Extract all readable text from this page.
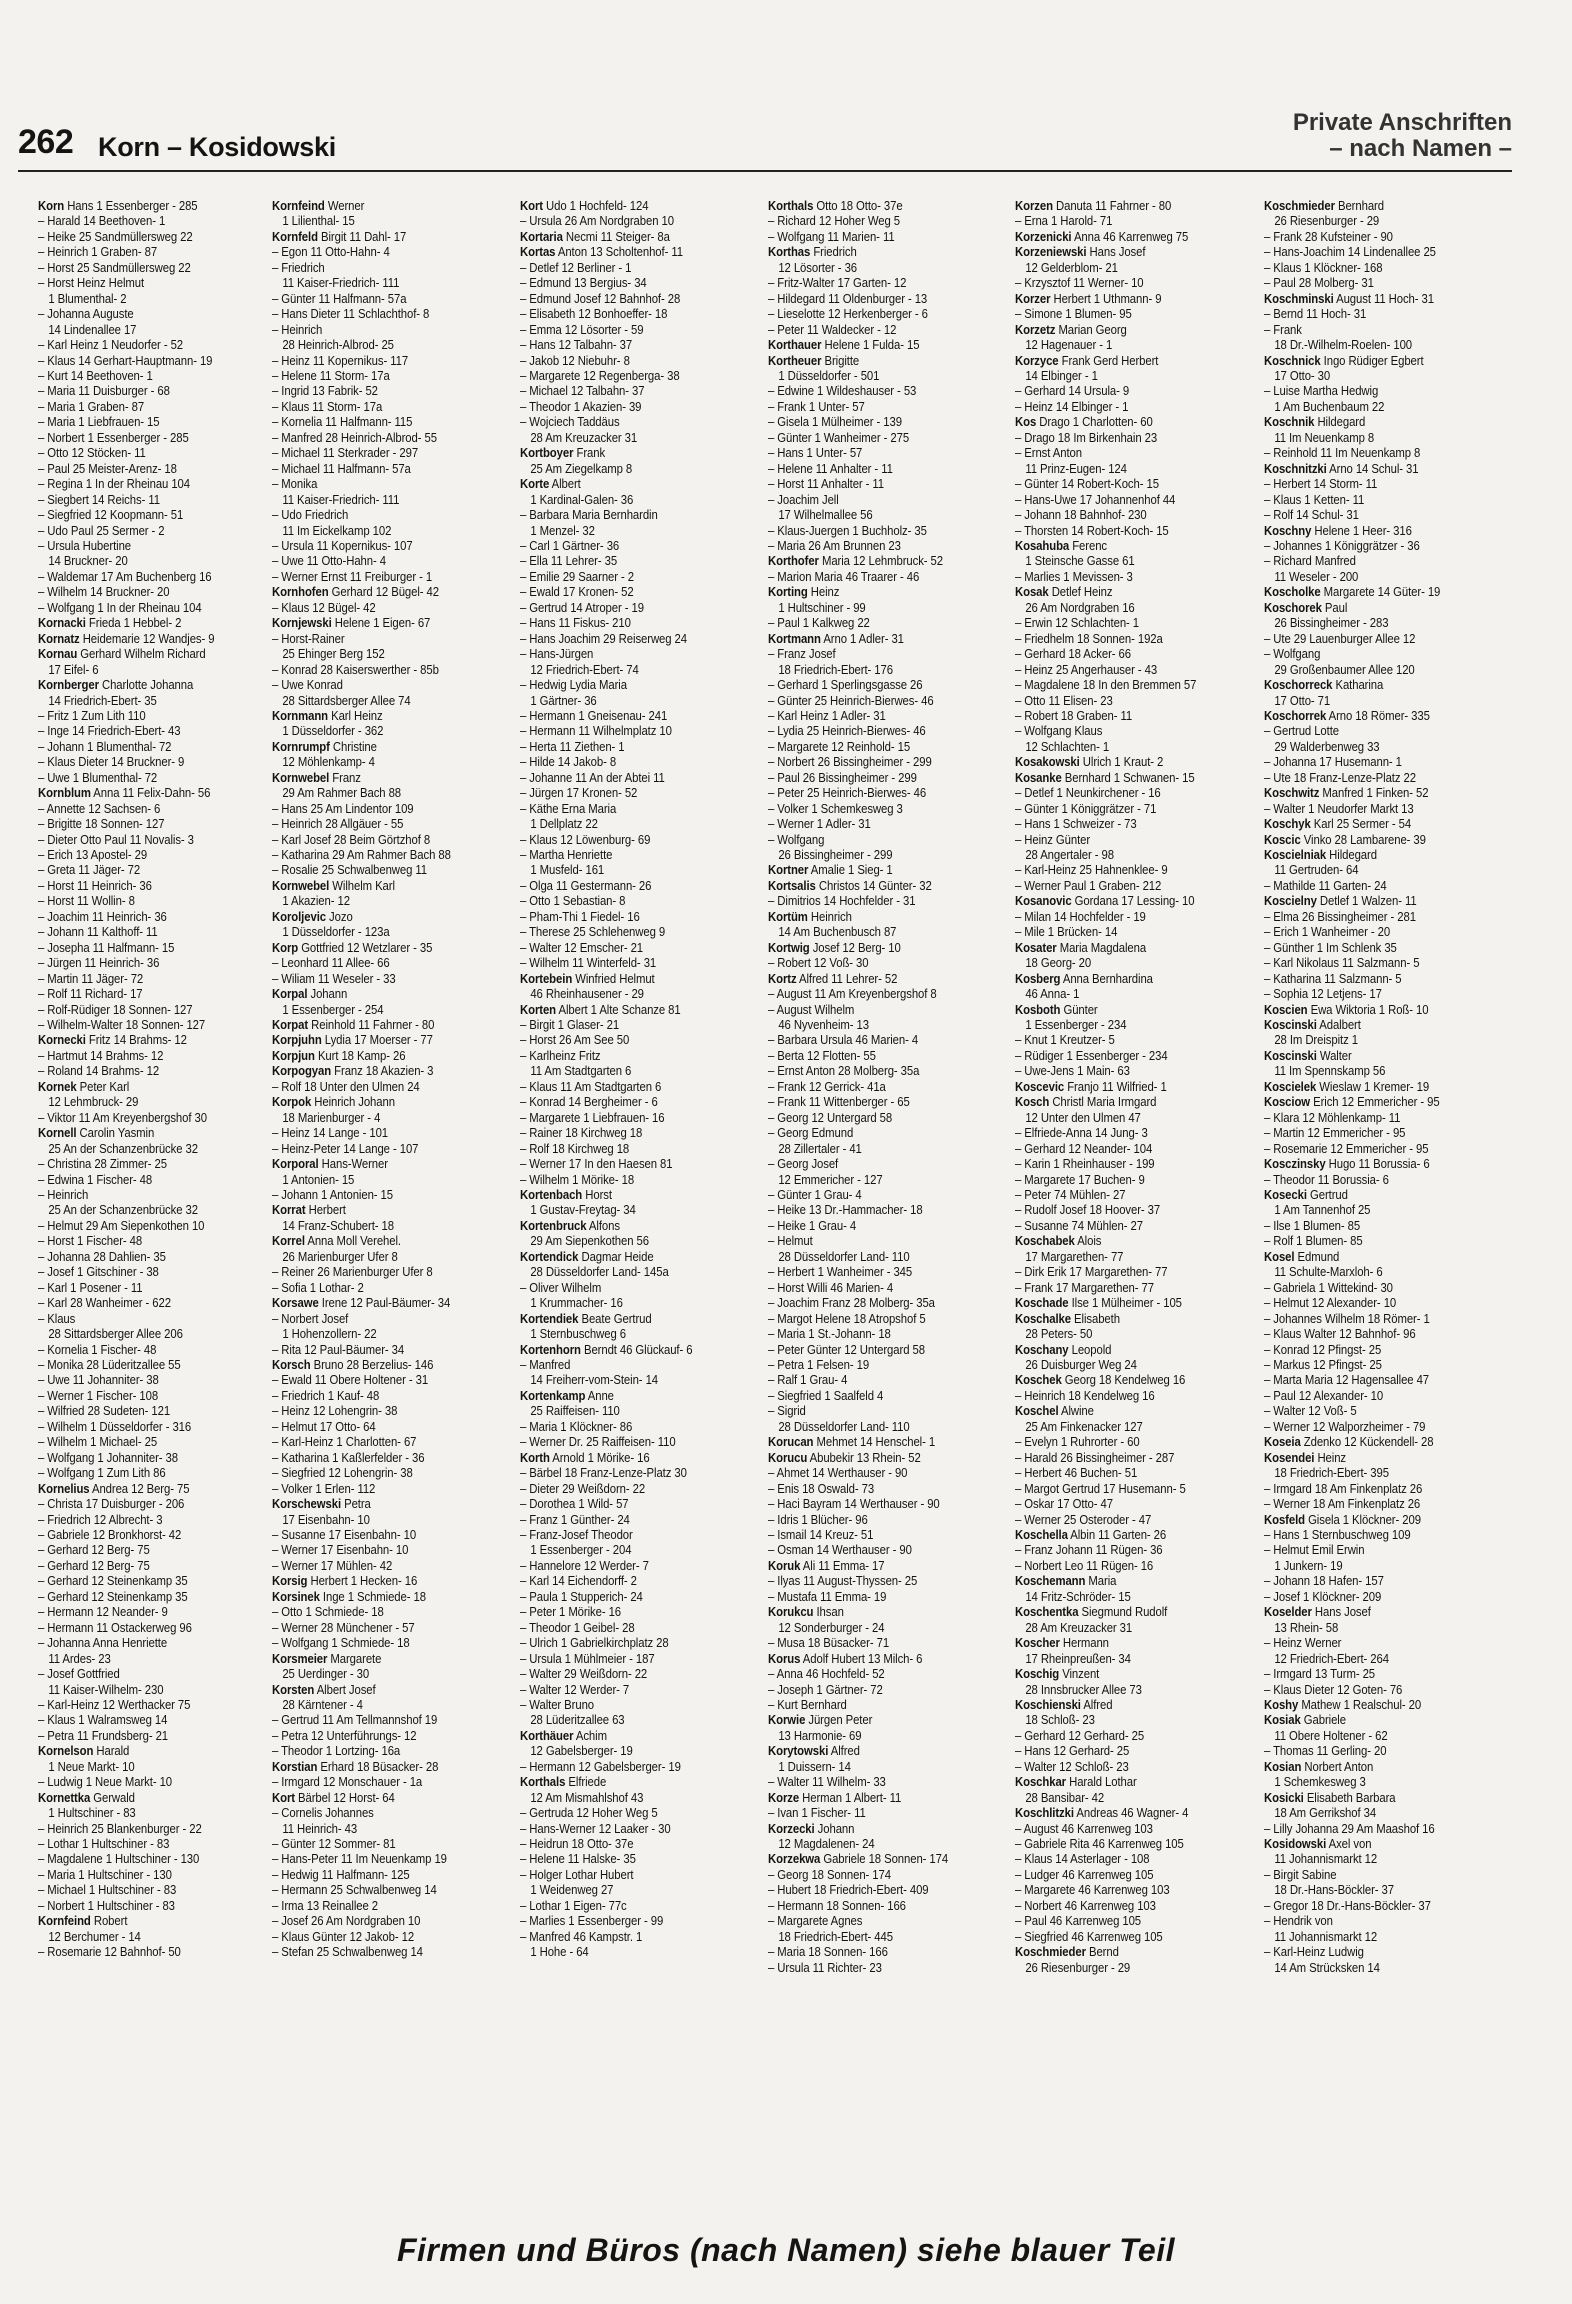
262 Korn – Kosidowski
Private Anschriften
– nach Namen –
Korn Hans 1 Essenberger - 285
– Harald 14 Beethoven- 1
– Heike 25 Sandmüllersweg 22
– Heinrich 1 Graben- 87
– Horst 25 Sandmüllersweg 22
– Horst Heinz Helmut
1 Blumenthal- 2
– Johanna Auguste
14 Lindenallee 17
– Karl Heinz 1 Neudorfer - 52
– Klaus 14 Gerhart-Hauptmann- 19
– Kurt 14 Beethoven- 1
– Maria 11 Duisburger - 68
– Maria 1 Graben- 87
– Maria 1 Liebfrauen- 15
– Norbert 1 Essenberger - 285
– Otto 12 Stöcken- 11
– Paul 25 Meister-Arenz- 18
– Regina 1 In der Rheinau 104
– Siegbert 14 Reichs- 11
– Siegfried 12 Koopmann- 51
– Udo Paul 25 Sermer - 2
– Ursula Hubertine
14 Bruckner- 20
– Waldemar 17 Am Buchenberg 16
– Wilhelm 14 Bruckner- 20
– Wolfgang 1 In der Rheinau 104
Kornacki Frieda 1 Hebbel- 2
Kornatz Heidemarie 12 Wandjes- 9
Kornau Gerhard Wilhelm Richard
17 Eifel- 6
Kornberger Charlotte Johanna
14 Friedrich-Ebert- 35
– Fritz 1 Zum Lith 110
– Inge 14 Friedrich-Ebert- 43
– Johann 1 Blumenthal- 72
– Klaus Dieter 14 Bruckner- 9
– Uwe 1 Blumenthal- 72
Kornblum Anna 11 Felix-Dahn- 56
– Annette 12 Sachsen- 6
– Brigitte 18 Sonnen- 127
– Dieter Otto Paul 11 Novalis- 3
– Erich 13 Apostel- 29
– Greta 11 Jäger- 72
– Horst 11 Heinrich- 36
– Horst 11 Wollin- 8
– Joachim 11 Heinrich- 36
– Johann 11 Kalthoff- 11
– Josepha 11 Halfmann- 15
– Jürgen 11 Heinrich- 36
– Martin 11 Jäger- 72
– Rolf 11 Richard- 17
– Rolf-Rüdiger 18 Sonnen- 127
– Wilhelm-Walter 18 Sonnen- 127
Kornecki Fritz 14 Brahms- 12
– Hartmut 14 Brahms- 12
– Roland 14 Brahms- 12
Kornek Peter Karl
12 Lehmbruck- 29
– Viktor 11 Am Kreyenbergshof 30
Kornell Carolin Yasmin
25 An der Schanzenbrücke 32
– Christina 28 Zimmer- 25
– Edwina 1 Fischer- 48
– Heinrich
25 An der Schanzenbrücke 32
– Helmut 29 Am Siepenkothen 10
– Horst 1 Fischer- 48
– Johanna 28 Dahlien- 35
– Josef 1 Gitschiner - 38
– Karl 1 Posener - 11
– Karl 28 Wanheimer - 622
– Klaus
28 Sittardsberger Allee 206
– Kornelia 1 Fischer- 48
– Monika 28 Lüderitzallee 55
– Uwe 11 Johanniter- 38
– Werner 1 Fischer- 108
– Wilfried 28 Sudeten- 121
– Wilhelm 1 Düsseldorfer - 316
– Wilhelm 1 Michael- 25
– Wolfgang 1 Johanniter- 38
– Wolfgang 1 Zum Lith 86
Kornelius Andrea 12 Berg- 75
– Christa 17 Duisburger - 206
– Friedrich 12 Albrecht- 3
– Gabriele 12 Bronkhorst- 42
– Gerhard 12 Berg- 75
– Gerhard 12 Berg- 75
– Gerhard 12 Steinenkamp 35
– Gerhard 12 Steinenkamp 35
– Hermann 12 Neander- 9
– Hermann 11 Ostackerweg 96
– Johanna Anna Henriette
11 Ardes- 23
– Josef Gottfried
11 Kaiser-Wilhelm- 230
– Karl-Heinz 12 Werthacker 75
– Klaus 1 Walramsweg 14
– Petra 11 Frundsberg- 21
Kornelson Harald
1 Neue Markt- 10
– Ludwig 1 Neue Markt- 10
Kornettka Gerwald
1 Hultschiner - 83
– Heinrich 25 Blankenburger - 22
– Lothar 1 Hultschiner - 83
– Magdalene 1 Hultschiner - 130
– Maria 1 Hultschiner - 130
– Michael 1 Hultschiner - 83
– Norbert 1 Hultschiner - 83
Kornfeind Robert
12 Berchumer - 14
– Rosemarie 12 Bahnhof- 50
Kornfeind Werner
1 Lilienthal- 15
Kornfeld Birgit 11 Dahl- 17
– Egon 11 Otto-Hahn- 4
– Friedrich
11 Kaiser-Friedrich- 111
– Günter 11 Halfmann- 57a
– Hans Dieter 11 Schlachthof- 8
– Heinrich
28 Heinrich-Albrod- 25
– Heinz 11 Kopernikus- 117
– Helene 11 Storm- 17a
– Ingrid 13 Fabrik- 52
– Klaus 11 Storm- 17a
– Kornelia 11 Halfmann- 115
– Manfred 28 Heinrich-Albrod- 55
– Michael 11 Sterkrader - 297
– Michael 11 Halfmann- 57a
– Monika
11 Kaiser-Friedrich- 111
– Udo Friedrich
11 Im Eickelkamp 102
– Ursula 11 Kopernikus- 107
– Uwe 11 Otto-Hahn- 4
– Werner Ernst 11 Freiburger - 1
Kornhofen Gerhard 12 Bügel- 42
– Klaus 12 Bügel- 42
Kornjewski Helene 1 Eigen- 67
– Horst-Rainer
25 Ehinger Berg 152
– Konrad 28 Kaiserswerther - 85b
– Uwe Konrad
28 Sittardsberger Allee 74
Kornmann Karl Heinz
1 Düsseldorfer - 362
Kornrumpf Christine
12 Möhlenkamp- 4
Kornwebel Franz
29 Am Rahmer Bach 88
– Hans 25 Am Lindentor 109
– Heinrich 28 Allgäuer - 55
– Karl Josef 28 Beim Görtzhof 8
– Katharina 29 Am Rahmer Bach 88
– Rosalie 25 Schwalbenweg 11
Kornwebel Wilhelm Karl
1 Akazien- 12
Koroljevic Jozo
1 Düsseldorfer - 123a
Korp Gottfried 12 Wetzlarer - 35
– Leonhard 11 Allee- 66
– Wiliam 11 Weseler - 33
Korpal Johann
1 Essenberger - 254
Korpat Reinhold 11 Fahrner - 80
Korpjuhn Lydia 17 Moerser - 77
Korpjun Kurt 18 Kamp- 26
Korpogyan Franz 18 Akazien- 3
– Rolf 18 Unter den Ulmen 24
Korpok Heinrich Johann
18 Marienburger - 4
– Heinz 14 Lange - 101
– Heinz-Peter 14 Lange - 107
Korporal Hans-Werner
1 Antonien- 15
– Johann 1 Antonien- 15
Korrat Herbert
14 Franz-Schubert- 18
Korrel Anna Moll Verehel.
26 Marienburger Ufer 8
– Reiner 26 Marienburger Ufer 8
– Sofia 1 Lothar- 2
Korsawe Irene 12 Paul-Bäumer- 34
– Norbert Josef
1 Hohenzollern- 22
– Rita 12 Paul-Bäumer- 34
Korsch Bruno 28 Berzelius- 146
– Ewald 11 Obere Holtener - 31
– Friedrich 1 Kauf- 48
– Heinz 12 Lohengrin- 38
– Helmut 17 Otto- 64
– Karl-Heinz 1 Charlotten- 67
– Katharina 1 Kaßlerfelder - 36
– Siegfried 12 Lohengrin- 38
– Volker 1 Erlen- 112
Korschewski Petra
17 Eisenbahn- 10
– Susanne 17 Eisenbahn- 10
– Werner 17 Eisenbahn- 10
– Werner 17 Mühlen- 42
Korsig Herbert 1 Hecken- 16
Korsinek Inge 1 Schmiede- 18
– Otto 1 Schmiede- 18
– Werner 28 Münchener - 57
– Wolfgang 1 Schmiede- 18
Korsmeier Margarete
25 Uerdinger - 30
Korsten Albert Josef
28 Kärntener - 4
– Gertrud 11 Am Tellmannshof 19
– Petra 12 Unterführungs- 12
– Theodor 1 Lortzing- 16a
Korstian Erhard 18 Büsacker- 28
– Irmgard 12 Monschauer - 1a
Kort Bärbel 12 Horst- 64
– Cornelis Johannes
11 Heinrich- 43
– Günter 12 Sommer- 81
– Hans-Peter 11 Im Neuenkamp 19
– Hedwig 11 Halfmann- 125
– Hermann 25 Schwalbenweg 14
– Irma 13 Reinallee 2
– Josef 26 Am Nordgraben 10
– Klaus Günter 12 Jakob- 12
– Stefan 25 Schwalbenweg 14
Kort Udo 1 Hochfeld- 124
– Ursula 26 Am Nordgraben 10
Kortaria Necmi 11 Steiger- 8a
Kortas Anton 13 Scholtenhof- 11
– Detlef 12 Berliner - 1
– Edmund 13 Bergius- 34
– Edmund Josef 12 Bahnhof- 28
– Elisabeth 12 Bonhoeffer- 18
– Emma 12 Lösorter - 59
– Hans 12 Talbahn- 37
– Jakob 12 Niebuhr- 8
– Margarete 12 Regenberga- 38
– Michael 12 Talbahn- 37
– Theodor 1 Akazien- 39
– Wojciech Taddäus
28 Am Kreuzacker 31
Kortboyer Frank
25 Am Ziegelkamp 8
Korte Albert
1 Kardinal-Galen- 36
– Barbara Maria Bernhardin
1 Menzel- 32
– Carl 1 Gärtner- 36
– Ella 11 Lehrer- 35
– Emilie 29 Saarner - 2
– Ewald 17 Kronen- 52
– Gertrud 14 Atroper - 19
– Hans 11 Fiskus- 210
– Hans Joachim 29 Reiserweg 24
– Hans-Jürgen
12 Friedrich-Ebert- 74
– Hedwig Lydia Maria
1 Gärtner- 36
– Hermann 1 Gneisenau- 241
– Hermann 11 Wilhelmplatz 10
– Herta 11 Ziethen- 1
– Hilde 14 Jakob- 8
– Johanne 11 An der Abtei 11
– Jürgen 17 Kronen- 52
– Käthe Erna Maria
1 Dellplatz 22
– Klaus 12 Löwenburg- 69
– Martha Henriette
1 Musfeld- 161
– Olga 11 Gestermann- 26
– Otto 1 Sebastian- 8
– Pham-Thi 1 Fiedel- 16
– Therese 25 Schlehenweg 9
– Walter 12 Emscher- 21
– Wilhelm 11 Winterfeld- 31
Kortebein Winfried Helmut
46 Rheinhausener - 29
Korten Albert 1 Alte Schanze 81
– Birgit 1 Glaser- 21
– Horst 26 Am See 50
– Karlheinz Fritz
11 Am Stadtgarten 6
– Klaus 11 Am Stadtgarten 6
– Konrad 14 Bergheimer - 6
– Margarete 1 Liebfrauen- 16
– Rainer 18 Kirchweg 18
– Rolf 18 Kirchweg 18
– Werner 17 In den Haesen 81
– Wilhelm 1 Mörike- 18
Kortenbach Horst
1 Gustav-Freytag- 34
Kortenbruck Alfons
29 Am Siepenkothen 56
Kortendick Dagmar Heide
28 Düsseldorfer Land- 145a
– Oliver Wilhelm
1 Krummacher- 16
Kortendiek Beate Gertrud
1 Sternbuschweg 6
Kortenhorn Berndt 46 Glückauf- 6
– Manfred
14 Freiherr-vom-Stein- 14
Kortenkamp Anne
25 Raiffeisen- 110
– Maria 1 Klöckner- 86
– Werner Dr. 25 Raiffeisen- 110
Korth Arnold 1 Mörike- 16
– Bärbel 18 Franz-Lenze-Platz 30
– Dieter 29 Weißdorn- 22
– Dorothea 1 Wild- 57
– Franz 1 Günther- 24
– Franz-Josef Theodor
1 Essenberger - 204
– Hannelore 12 Werder- 7
– Karl 14 Eichendorff- 2
– Paula 1 Stupperich- 24
– Peter 1 Mörike- 16
– Theodor 1 Geibel- 28
– Ulrich 1 Gabrielkirchplatz 28
– Ursula 1 Mühlmeier - 187
– Walter 29 Weißdorn- 22
– Walter 12 Werder- 7
– Walter Bruno
28 Lüderitzallee 63
Korthäuer Achim
12 Gabelsberger- 19
– Hermann 12 Gabelsberger- 19
Korthals Elfriede
12 Am Mismahlshof 43
– Gertruda 12 Hoher Weg 5
– Hans-Werner 12 Laaker - 30
– Heidrun 18 Otto- 37e
– Helene 11 Halske- 35
– Holger Lothar Hubert
1 Weidenweg 27
– Lothar 1 Eigen- 77c
– Marlies 1 Essenberger - 99
– Manfred 46 Kampstr. 1
1 Hohe - 64
Korthals Otto 18 Otto- 37e
– Richard 12 Hoher Weg 5
– Wolfgang 11 Marien- 11
Korthas Friedrich
12 Lösorter - 36
– Fritz-Walter 17 Garten- 12
– Hildegard 11 Oldenburger - 13
– Lieselotte 12 Herkenberger - 6
– Peter 11 Waldecker - 12
Korthauer Helene 1 Fulda- 15
Kortheuer Brigitte
1 Düsseldorfer - 501
– Edwine 1 Wildeshauser - 53
– Frank 1 Unter- 57
– Gisela 1 Mülheimer - 139
– Günter 1 Wanheimer - 275
– Hans 1 Unter- 57
– Helene 11 Anhalter - 11
– Horst 11 Anhalter - 11
– Joachim Jell
17 Wilhelmallee 56
– Klaus-Juergen 1 Buchholz- 35
– Maria 26 Am Brunnen 23
Korthofer Maria 12 Lehmbruck- 52
– Marion Maria 46 Traarer - 46
Korting Heinz
1 Hultschiner - 99
– Paul 1 Kalkweg 22
Kortmann Arno 1 Adler- 31
– Franz Josef
18 Friedrich-Ebert- 176
– Gerhard 1 Sperlingsgasse 26
– Günter 25 Heinrich-Bierwes- 46
– Karl Heinz 1 Adler- 31
– Lydia 25 Heinrich-Bierwes- 46
– Margarete 12 Reinhold- 15
– Norbert 26 Bissingheimer - 299
– Paul 26 Bissingheimer - 299
– Peter 25 Heinrich-Bierwes- 46
– Volker 1 Schemkesweg 3
– Werner 1 Adler- 31
– Wolfgang
26 Bissingheimer - 299
Kortner Amalie 1 Sieg- 1
Kortsalis Christos 14 Günter- 32
– Dimitrios 14 Hochfelder - 31
Kortüm Heinrich
14 Am Buchenbusch 87
Kortwig Josef 12 Berg- 10
– Robert 12 Voß- 30
Kortz Alfred 11 Lehrer- 52
– August 11 Am Kreyenbergshof 8
– August Wilhelm
46 Nyvenheim- 13
– Barbara Ursula 46 Marien- 4
– Berta 12 Flotten- 55
– Ernst Anton 28 Molberg- 35a
– Frank 12 Gerrick- 41a
– Frank 11 Wittenberger - 65
– Georg 12 Untergard 58
– Georg Edmund
28 Zillertaler - 41
– Georg Josef
12 Emmericher - 127
– Günter 1 Grau- 4
– Heike 13 Dr.-Hammacher- 18
– Heike 1 Grau- 4
– Helmut
28 Düsseldorfer Land- 110
– Herbert 1 Wanheimer - 345
– Horst Willi 46 Marien- 4
– Joachim Franz 28 Molberg- 35a
– Margot Helene 18 Atropshof 5
– Maria 1 St.-Johann- 18
– Peter Günter 12 Untergard 58
– Petra 1 Felsen- 19
– Ralf 1 Grau- 4
– Siegfried 1 Saalfeld 4
– Sigrid
28 Düsseldorfer Land- 110
Korucan Mehmet 14 Henschel- 1
Korucu Abubekir 13 Rhein- 52
– Ahmet 14 Werthauser - 90
– Enis 18 Oswald- 73
– Haci Bayram 14 Werthauser - 90
– Idris 1 Blücher- 96
– Ismail 14 Kreuz- 51
– Osman 14 Werthauser - 90
Koruk Ali 11 Emma- 17
– Ilyas 11 August-Thyssen- 25
– Mustafa 11 Emma- 19
Korukcu Ihsan
12 Sonderburger - 24
– Musa 18 Büsacker- 71
Korus Adolf Hubert 13 Milch- 6
– Anna 46 Hochfeld- 52
– Joseph 1 Gärtner- 72
– Kurt Bernhard
Korwie Jürgen Peter
13 Harmonie- 69
Korytowski Alfred
1 Duissern- 14
– Walter 11 Wilhelm- 33
Korze Herman 1 Albert- 11
– Ivan 1 Fischer- 11
Korzecki Johann
12 Magdalenen- 24
Korzekwa Gabriele 18 Sonnen- 174
– Georg 18 Sonnen- 174
– Hubert 18 Friedrich-Ebert- 409
– Hermann 18 Sonnen- 166
– Margarete Agnes
18 Friedrich-Ebert- 445
– Maria 18 Sonnen- 166
– Ursula 11 Richter- 23
Korzen Danuta 11 Fahrner - 80
– Erna 1 Harold- 71
Korzenicki Anna 46 Karrenweg 75
Korzeniewski Hans Josef
12 Gelderblom- 21
– Krzysztof 11 Werner- 10
Korzer Herbert 1 Uthmann- 9
– Simone 1 Blumen- 95
Korzetz Marian Georg
12 Hagenauer - 1
Korzyce Frank Gerd Herbert
14 Elbinger - 1
– Gerhard 14 Ursula- 9
– Heinz 14 Elbinger - 1
Kos Drago 1 Charlotten- 60
– Drago 18 Im Birkenhain 23
– Ernst Anton
11 Prinz-Eugen- 124
– Günter 14 Robert-Koch- 15
– Hans-Uwe 17 Johannenhof 44
– Johann 18 Bahnhof- 230
– Thorsten 14 Robert-Koch- 15
Kosahuba Ferenc
1 Steinsche Gasse 61
– Marlies 1 Mevissen- 3
Kosak Detlef Heinz
26 Am Nordgraben 16
– Erwin 12 Schlachten- 1
– Friedhelm 18 Sonnen- 192a
– Gerhard 18 Acker- 66
– Heinz 25 Angerhauser - 43
– Magdalene 18 In den Bremmen 57
– Otto 11 Elisen- 23
– Robert 18 Graben- 11
– Wolfgang Klaus
12 Schlachten- 1
Kosakowski Ulrich 1 Kraut- 2
Kosanke Bernhard 1 Schwanen- 15
– Detlef 1 Neunkirchener - 16
– Günter 1 Königgrätzer - 71
– Hans 1 Schweizer - 73
– Heinz Günter
28 Angertaler - 98
– Karl-Heinz 25 Hahnenklee- 9
– Werner Paul 1 Graben- 212
Kosanovic Gordana 17 Lessing- 10
– Milan 14 Hochfelder - 19
– Mile 1 Brücken- 14
Kosater Maria Magdalena
18 Georg- 20
Kosberg Anna Bernhardina
46 Anna- 1
Kosboth Günter
1 Essenberger - 234
– Knut 1 Kreutzer- 5
– Rüdiger 1 Essenberger - 234
– Uwe-Jens 1 Main- 63
Koscevic Franjo 11 Wilfried- 1
Kosch Christl Maria Irmgard
12 Unter den Ulmen 47
– Elfriede-Anna 14 Jung- 3
– Gerhard 12 Neander- 104
– Karin 1 Rheinhauser - 199
– Margarete 17 Buchen- 9
– Peter 74 Mühlen- 27
– Rudolf Josef 18 Hoover- 37
– Susanne 74 Mühlen- 27
Koschabek Alois
17 Margarethen- 77
– Dirk Erik 17 Margarethen- 77
– Frank 17 Margarethen- 77
Koschade Ilse 1 Mülheimer - 105
Koschalke Elisabeth
28 Peters- 50
Koschany Leopold
26 Duisburger Weg 24
Koschek Georg 18 Kendelweg 16
– Heinrich 18 Kendelweg 16
Koschel Alwine
25 Am Finkenacker 127
– Evelyn 1 Ruhrorter - 60
– Harald 26 Bissingheimer - 287
– Herbert 46 Buchen- 51
– Margot Gertrud 17 Husemann- 5
– Oskar 17 Otto- 47
– Werner 25 Osteroder - 47
Koschella Albin 11 Garten- 26
– Franz Johann 11 Rügen- 36
– Norbert Leo 11 Rügen- 16
Koschemann Maria
14 Fritz-Schröder- 15
Koschentka Siegmund Rudolf
28 Am Kreuzacker 31
Koscher Hermann
17 Rheinpreußen- 34
Koschig Vinzent
28 Innsbrucker Allee 73
Koschienski Alfred
18 Schloß- 23
– Gerhard 12 Gerhard- 25
– Hans 12 Gerhard- 25
– Walter 12 Schloß- 23
Koschkar Harald Lothar
28 Bansibar- 42
Koschlitzki Andreas 46 Wagner- 4
– August 46 Karrenweg 103
– Gabriele Rita 46 Karrenweg 105
– Klaus 14 Asterlager - 108
– Ludger 46 Karrenweg 105
– Margarete 46 Karrenweg 103
– Norbert 46 Karrenweg 103
– Paul 46 Karrenweg 105
– Siegfried 46 Karrenweg 105
Koschmieder Bernd
26 Riesenburger - 29
Koschmieder Bernhard
26 Riesenburger - 29
– Frank 28 Kufsteiner - 90
– Hans-Joachim 14 Lindenallee 25
– Klaus 1 Klöckner- 168
– Paul 28 Molberg- 31
Koschminski August 11 Hoch- 31
– Bernd 11 Hoch- 31
– Frank
18 Dr.-Wilhelm-Roelen- 100
Koschnick Ingo Rüdiger Egbert
17 Otto- 30
– Luise Martha Hedwig
1 Am Buchenbaum 22
Koschnik Hildegard
11 Im Neuenkamp 8
– Reinhold 11 Im Neuenkamp 8
Koschnitzki Arno 14 Schul- 31
– Herbert 14 Storm- 11
– Klaus 1 Ketten- 11
– Rolf 14 Schul- 31
Koschny Helene 1 Heer- 316
– Johannes 1 Königgrätzer - 36
– Richard Manfred
11 Weseler - 200
Koscholke Margarete 14 Güter- 19
Koschorek Paul
26 Bissingheimer - 283
– Ute 29 Lauenburger Allee 12
– Wolfgang
29 Großenbaumer Allee 120
Koschorreck Katharina
17 Otto- 71
Koschorrek Arno 18 Römer- 335
– Gertrud Lotte
29 Walderbenweg 33
– Johanna 17 Husemann- 1
– Ute 18 Franz-Lenze-Platz 22
Koschwitz Manfred 1 Finken- 52
– Walter 1 Neudorfer Markt 13
Koschyk Karl 25 Sermer - 54
Koscic Vinko 28 Lambarene- 39
Koscielniak Hildegard
11 Gertruden- 64
– Mathilde 11 Garten- 24
Koscielny Detlef 1 Walzen- 11
– Elma 26 Bissingheimer - 281
– Erich 1 Wanheimer - 20
– Günther 1 Im Schlenk 35
– Karl Nikolaus 11 Salzmann- 5
– Katharina 11 Salzmann- 5
– Sophia 12 Letjens- 17
Koscien Ewa Wiktoria 1 Roß- 10
Koscinski Adalbert
28 Im Dreispitz 1
Koscinski Walter
11 Im Spennskamp 56
Koscielek Wieslaw 1 Kremer- 19
Kosciow Erich 12 Emmericher - 95
– Klara 12 Möhlenkamp- 11
– Martin 12 Emmericher - 95
– Rosemarie 12 Emmericher - 95
Kosczinsky Hugo 11 Borussia- 6
– Theodor 11 Borussia- 6
Kosecki Gertrud
1 Am Tannenhof 25
– Ilse 1 Blumen- 85
– Rolf 1 Blumen- 85
Kosel Edmund
11 Schulte-Marxloh- 6
– Gabriela 1 Wittekind- 30
– Helmut 12 Alexander- 10
– Johannes Wilhelm 18 Römer- 1
– Klaus Walter 12 Bahnhof- 96
– Konrad 12 Pfingst- 25
– Markus 12 Pfingst- 25
– Marta Maria 12 Hagensallee 47
– Paul 12 Alexander- 10
– Walter 12 Voß- 5
– Werner 12 Walporzheimer - 79
Koseia Zdenko 12 Kückendell- 28
Kosendei Heinz
18 Friedrich-Ebert- 395
– Irmgard 18 Am Finkenplatz 26
– Werner 18 Am Finkenplatz 26
Kosfeld Gisela 1 Klöckner- 209
– Hans 1 Sternbuschweg 109
– Helmut Emil Erwin
1 Junkern- 19
– Johann 18 Hafen- 157
– Josef 1 Klöckner- 209
Koselder Hans Josef
13 Rhein- 58
– Heinz Werner
12 Friedrich-Ebert- 264
– Irmgard 13 Turm- 25
– Klaus Dieter 12 Goten- 76
Koshy Mathew 1 Realschul- 20
Kosiak Gabriele
11 Obere Holtener - 62
– Thomas 11 Gerling- 20
Kosian Norbert Anton
1 Schemkesweg 3
Kosicki Elisabeth Barbara
18 Am Gerrikshof 34
– Lilly Johanna 29 Am Maashof 16
Kosidowski Axel von
11 Johannismarkt 12
– Birgit Sabine
18 Dr.-Hans-Böckler- 37
– Gregor 18 Dr.-Hans-Böckler- 37
– Hendrik von
11 Johannismarkt 12
– Karl-Heinz Ludwig
14 Am Strücksken 14
Firmen und Büros (nach Namen) siehe blauer Teil
